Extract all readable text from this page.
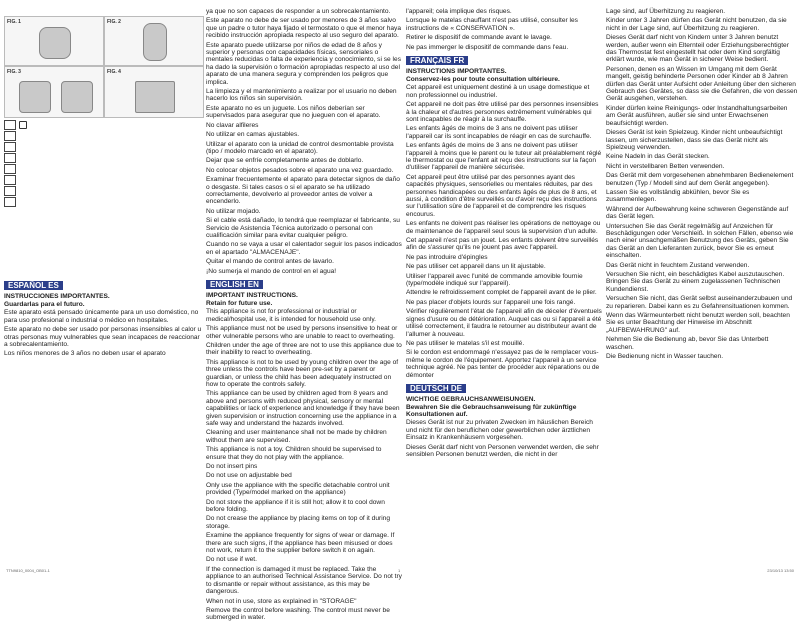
FIG. 1	FIG. 2
FIG. 3	FIG. 4
ESPAÑOL ES
INSTRUCCIONES IMPORTANTES.
Guardarlas para el futuro.

Este aparato está pensado únicamente para un uso doméstico, no para uso profesional o industrial o médico en hospitales.

Este aparato no debe ser usado por personas insensibles al calor u otras personas muy vulnerables que sean incapaces de reaccionar a sobrecalentamiento.

Los niños menores de 3 años no deben usar el aparato

ya que no son capaces de responder a un sobrecalentamiento.

Este aparato no debe de ser usado por menores de 3 años salvo que un padre o tutor haya fijado el termostato o que el menor haya recibido instrucción apropiada respecto al uso seguro del aparato.

Este aparato puede utilizarse por niños de edad de 8 años y superior y personas con capacidades físicas, sensoriales o mentales reducidas o falta de experiencia y conocimiento, si se les ha dado la supervisión o formación apropiadas respecto al uso del aparato de una manera segura y comprenden los peligros que implica.

La limpieza y el mantenimiento a realizar por el usuario no deben hacerlo los niños sin supervisión.

Este aparato no es un juguete. Los niños deberían ser supervisados para asegurar que no jueguen con el aparato.

No clavar alfileres

No utilizar en camas ajustables.

Utilizar el aparato con la unidad de control desmontable provista (tipo / modelo marcado en el aparato).

Dejar que se enfríe completamente antes de doblarlo.

No colocar objetos pesados sobre el aparato una vez guardado.

Examinar frecuentemente el aparato para detectar signos de daño o desgaste. Si tales casos o si el aparato se ha utilizado correctamente, devolverlo al proveedor antes de volver a encenderlo.

No utilizar mojado.

Si el cable está dañado, lo tendrá que reemplazar el fabricante, su Servicio de Asistencia Técnica autorizado o personal con cualificación similar para evitar cualquier peligro.

Cuando no se vaya a usar el calentador seguir los pasos indicados en el apartado "ALMACENAJE".

Quitar el mando de control antes de lavarlo.

¡No sumerja el mando de control en el agua!

ENGLISH EN
IMPORTANT INSTRUCTIONS.
Retain for future use.

This appliance is not for professional or industrial or medical/hospital use, it is intended for household use only.

This appliance must not be used by persons insensitive to heat or other vulnerable persons who are unable to react to overheating.

Children under the age of three are not to use this appliance due to their inability to react to overheating.

This appliance is not to be used by young children over the age of three unless the controls have been pre-set by a parent or guardian, or unless the child has been adequately instructed on how to operate the controls safely.

This appliance can be used by children aged from 8 years and above and persons with reduced physical, sensory or mental capabilities or lack of experience and knowledge if they have been given supervision or instruction concerning use the appliance in a safe way and understand the hazards involved.

Cleaning and user maintenance shall not be made by children without them are supervised.

This appliance is not a toy. Children should be supervised to ensure that they do not play with the appliance.

Do not insert pins

Do not use on adjustable bed

Only use the appliance with the specific detachable control unit provided (Type/model marked on the appliance)

Do not store the appliance if it is still hot; allow it to cool down before folding.

Do not crease the appliance by placing items on top of it during storage.

Examine the appliance frequently for signs of wear or damage. If there are such signs, if the appliance has been misused or does not work, return it to the supplier before switch it on again.

Do not use if wet.

If the connection is damaged it must be replaced. Take the appliance to an authorised Technical Assistance Service. Do not try to dismantle or repair without assistance, as this may be dangerous.

When not in use, store as explained in "STORAGE"

Remove the control before washing. The control must never be submerged in water.

l'appareil; cela implique des risques.

Lorsque le matelas chauffant n'est pas utilisé, consulter les instructions de « CONSERVATION ».

Retirer le dispositif de commande avant le lavage.

Ne pas immerger le dispositif de commande dans l'eau.

FRANÇAIS FR
INSTRUCTIONS IMPORTANTES.
Conservez-les pour toute consultation ultérieure.

Cet appareil est uniquement destiné à un usage domestique et non professionnel ou industriel.

Cet appareil ne doit pas être utilisé par des personnes insensibles à la chaleur et d'autres personnes extrêmement vulnérables qui sont incapables de réagir à la surchauffe.

Les enfants âgés de moins de 3 ans ne doivent pas utiliser l'appareil car ils sont incapables de réagir en cas de surchauffe.

Les enfants âgés de moins de 3 ans ne doivent pas utiliser l'appareil à moins que le parent ou le tuteur ait préalablement réglé le thermostat ou que l'enfant ait reçu des instructions sur la façon d'utiliser l'appareil de manière sécurisée.

Cet appareil peut être utilisé par des personnes ayant des capacités physiques, sensorielles ou mentales réduites, par des personnes handicapées ou des enfants âgés de plus de 8 ans, et aussi, à condition d'être surveillés ou d'avoir reçu des instructions sur l'utilisation sûre de l'appareil et de comprendre les risques encourus.

Les enfants ne doivent pas réaliser les opérations de nettoyage ou de maintenance de l'appareil seul sous la supervision d'un adulte.

Cet appareil n'est pas un jouet. Les enfants doivent être surveillés afin de s'assurer qu'ils ne jouent pas avec l'appareil.

Ne pas introduire d'épingles

Ne pas utiliser cet appareil dans un lit ajustable.

Utiliser l'appareil avec l'unité de commande amovible fournie (type/modèle indiqué sur l'appareil).

Attendre le refroidissement complet de l'appareil avant de le plier.

Ne pas placer d'objets lourds sur l'appareil une fois rangé.

Vérifier régulièrement l'état de l'appareil afin de déceler d'éventuels signes d'usure ou de détérioration. Auquel cas ou si l'appareil a été utilisé correctement, il faudra le retourner au distributeur avant de l'allumer à nouveau.

Ne pas utiliser le matelas s'il est mouillé.

Si le cordon est endommagé n'essayez pas de le remplacer vous-même le cordon de l'équipement. Apportez l'appareil à un service technique agréé. Ne pas tenter de procéder aux réparations ou de démonter

DEUTSCH DE
WICHTIGE GEBRAUCHSANWEISUNGEN.
Bewahren Sie die Gebrauchsanweisung für zukünftige Konsultationen auf.

Dieses Gerät ist nur zu privaten Zwecken im häuslichen Bereich und nicht für den beruflichen oder gewerblichen oder ärztlichen Einsatz in Krankenhäusern vorgesehen.

Dieses Gerät darf nicht von Personen verwendet werden, die sehr sensiblen Personen benutzt werden, die nicht in der

Lage sind, auf Überhitzung zu reagieren.

Kinder unter 3 Jahren dürfen das Gerät nicht benutzen, da sie nicht in der Lage sind, auf Überhitzung zu reagieren.

Dieses Gerät darf nicht von Kindern unter 3 Jahren benutzt werden, außer wenn ein Elternteil oder Erziehungsberechtigter das Thermostat fest eingestellt hat oder dem Kind sorgfältig erklärt wurde, wie man Gerät in sicherer Weise bedient.

Personen, denen es an Wissen im Umgang mit dem Gerät mangelt, geistig behinderte Personen oder Kinder ab 8 Jahren dürfen das Gerät unter Aufsicht oder Anleitung über den sicheren Gebrauch des Gerätes, so dass sie die Gefahren, die von dessen Gerät ausgehen, verstehen.

Kinder dürfen keine Reinigungs- oder Instandhaltungsarbeiten am Gerät ausführen, außer sie sind unter Erwachsenen beaufsichtigt werden.

Dieses Gerät ist kein Spielzeug. Kinder nicht unbeaufsichtigt lassen, um sicherzustellen, dass sie das Gerät nicht als Spielzeug verwenden.

Keine Nadeln in das Gerät stecken.

Nicht in verstellbaren Betten verwenden.

Das Gerät mit dem vorgesehenen abnehmbaren Bedienelement benutzen (Typ / Modell sind auf dem Gerät angegeben).

Lassen Sie es vollständig abkühlen, bevor Sie es zusammenlegen.

Während der Aufbewahrung keine schweren Gegenstände auf das Gerät legen.

Untersuchen Sie das Gerät regelmäßig auf Anzeichen für Beschädigungen oder Verschleiß. In solchen Fällen, ebenso wie nach einer unsachgemäßen Benutzung des Geräts, geben Sie das Gerät an den Lieferanten zurück, bevor Sie es erneut einschalten.

Das Gerät nicht in feuchtem Zustand verwenden.

Versuchen Sie nicht, ein beschädigtes Kabel auszutauschen. Bringen Sie das Gerät zu einem zugelassenen Technischen Kundendienst.

Versuchen Sie nicht, das Gerät selbst auseinanderzubauen und zu reparieren. Dabei kann es zu Gefahrensituationen kommen.

Wenn das Wärmeunterbett nicht benutzt werden soll, beachten Sie es unter Beachtung der Hinweise im Abschnitt „AUFBEWAHRUNG" auf.

Nehmen Sie die Bedienung ab, bevor Sie das Unterbett waschen.

Die Bedienung nicht in Wasser tauchen.

TTN9810_0004_OB01-1	1	23/10/13 13:50
